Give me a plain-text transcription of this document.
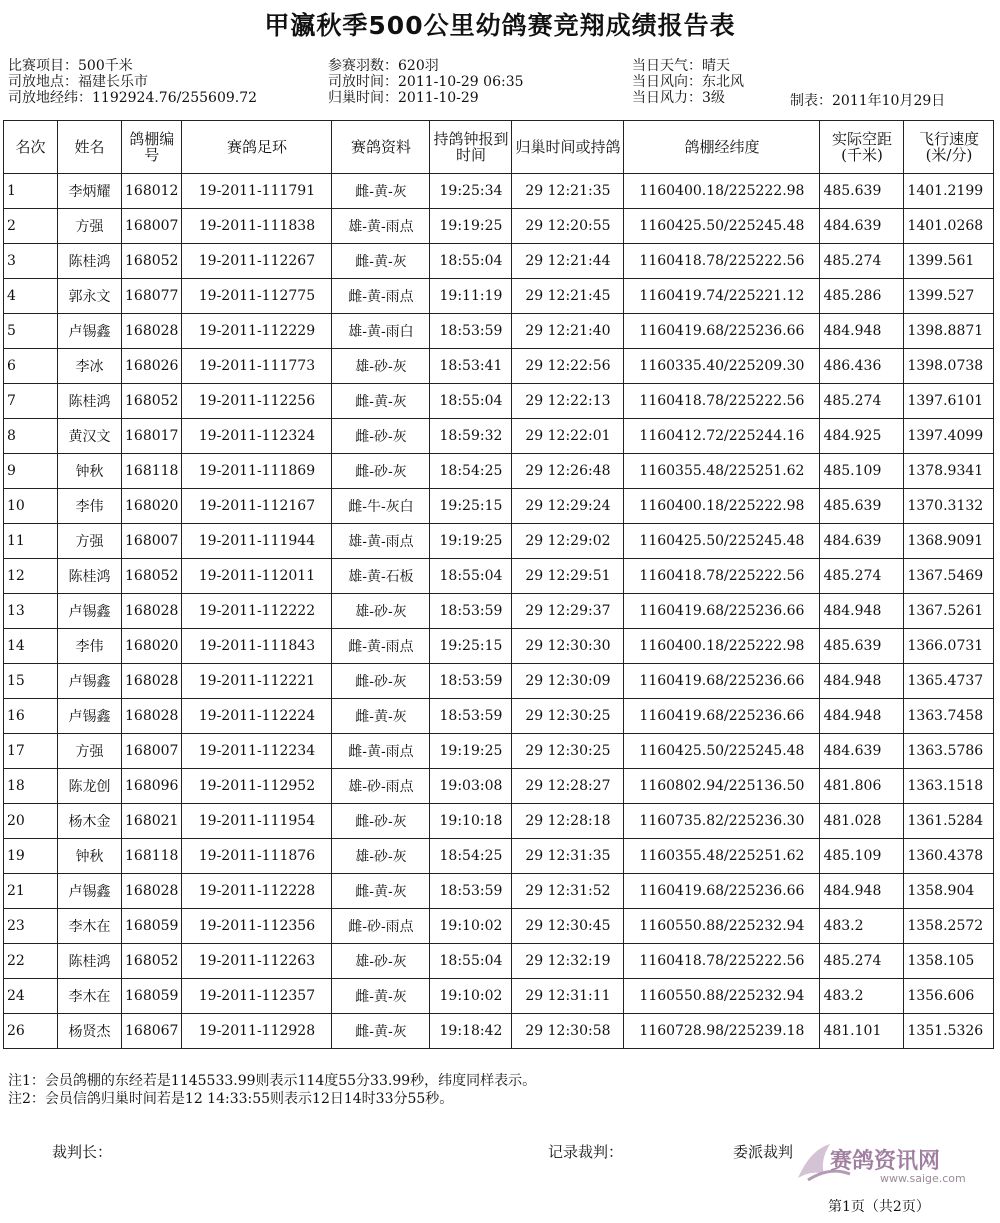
甲瀛秋季500公里幼鸽赛竞翔成绩报告表
比赛项目：500千米
司放地点：福建长乐市
司放地经纬：1192924.76/255609.72
参赛羽数：620羽
司放时间：2011-10-29 06:35
归巢时间：2011-10-29
当日天气：晴天
当日风向：东北风
当日风力：3级	制表：2011年10月29日
名次	姓名	鸽棚编号	赛鸽足环	赛鸽资料	持鸽钟报到时间	归巢时间或持鸽	鸽棚经纬度	实际空距(千米)	飞行速度(米/分)
1	李炳耀	168012	19-2011-111791	雌-黄-灰	19:25:34	29 12:21:35	1160400.18/225222.98	485.639	1401.2199
2	方强	168007	19-2011-111838	雄-黄-雨点	19:19:25	29 12:20:55	1160425.50/225245.48	484.639	1401.0268
3	陈桂鸿	168052	19-2011-112267	雌-黄-灰	18:55:04	29 12:21:44	1160418.78/225222.56	485.274	1399.561
4	郭永文	168077	19-2011-112775	雌-黄-雨点	19:11:19	29 12:21:45	1160419.74/225221.12	485.286	1399.527
5	卢锡鑫	168028	19-2011-112229	雄-黄-雨白	18:53:59	29 12:21:40	1160419.68/225236.66	484.948	1398.8871
6	李冰	168026	19-2011-111773	雄-砂-灰	18:53:41	29 12:22:56	1160335.40/225209.30	486.436	1398.0738
7	陈桂鸿	168052	19-2011-112256	雌-黄-灰	18:55:04	29 12:22:13	1160418.78/225222.56	485.274	1397.6101
8	黄汉文	168017	19-2011-112324	雌-砂-灰	18:59:32	29 12:22:01	1160412.72/225244.16	484.925	1397.4099
9	钟秋	168118	19-2011-111869	雌-砂-灰	18:54:25	29 12:26:48	1160355.48/225251.62	485.109	1378.9341
10	李伟	168020	19-2011-112167	雌-牛-灰白	19:25:15	29 12:29:24	1160400.18/225222.98	485.639	1370.3132
11	方强	168007	19-2011-111944	雄-黄-雨点	19:19:25	29 12:29:02	1160425.50/225245.48	484.639	1368.9091
12	陈桂鸿	168052	19-2011-112011	雄-黄-石板	18:55:04	29 12:29:51	1160418.78/225222.56	485.274	1367.5469
13	卢锡鑫	168028	19-2011-112222	雄-砂-灰	18:53:59	29 12:29:37	1160419.68/225236.66	484.948	1367.5261
14	李伟	168020	19-2011-111843	雌-黄-雨点	19:25:15	29 12:30:30	1160400.18/225222.98	485.639	1366.0731
15	卢锡鑫	168028	19-2011-112221	雌-砂-灰	18:53:59	29 12:30:09	1160419.68/225236.66	484.948	1365.4737
16	卢锡鑫	168028	19-2011-112224	雌-黄-灰	18:53:59	29 12:30:25	1160419.68/225236.66	484.948	1363.7458
17	方强	168007	19-2011-112234	雌-黄-雨点	19:19:25	29 12:30:25	1160425.50/225245.48	484.639	1363.5786
18	陈龙创	168096	19-2011-112952	雄-砂-雨点	19:03:08	29 12:28:27	1160802.94/225136.50	481.806	1363.1518
20	杨木金	168021	19-2011-111954	雌-砂-灰	19:10:18	29 12:28:18	1160735.82/225236.30	481.028	1361.5284
19	钟秋	168118	19-2011-111876	雄-砂-灰	18:54:25	29 12:31:35	1160355.48/225251.62	485.109	1360.4378
21	卢锡鑫	168028	19-2011-112228	雌-黄-灰	18:53:59	29 12:31:52	1160419.68/225236.66	484.948	1358.904
23	李木在	168059	19-2011-112356	雌-砂-雨点	19:10:02	29 12:30:45	1160550.88/225232.94	483.2	1358.2572
22	陈桂鸿	168052	19-2011-112263	雄-砂-灰	18:55:04	29 12:32:19	1160418.78/225222.56	485.274	1358.105
24	李木在	168059	19-2011-112357	雌-黄-灰	19:10:02	29 12:31:11	1160550.88/225232.94	483.2	1356.606
26	杨贤杰	168067	19-2011-112928	雌-黄-灰	19:18:42	29 12:30:58	1160728.98/225239.18	481.101	1351.5326
注1：会员鸽棚的东经若是1145533.99则表示114度55分33.99秒，纬度同样表示。
注2：会员信鸽归巢时间若是12 14:33:55则表示12日14时33分55秒。
裁判长：	记录裁判：	委派裁判 赛鸽资讯网
www.saige.com
第1页（共2页）
